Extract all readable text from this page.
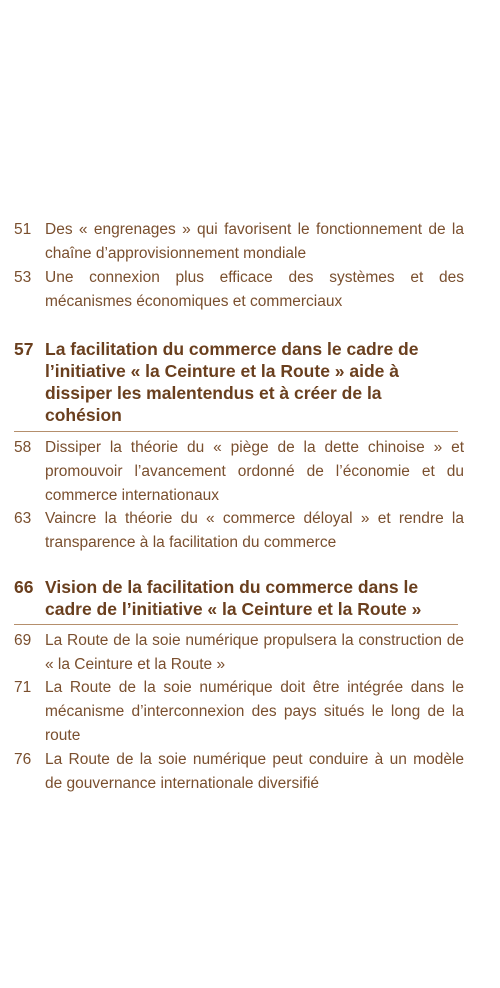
51 Des « engrenages » qui favorisent le fonctionnement de la chaîne d’approvisionnement mondiale
53 Une connexion plus efficace des systèmes et des mécanismes économiques et commerciaux
57 La facilitation du commerce dans le cadre de l’initiative « la Ceinture et la Route » aide à dissiper les malentendus et à créer de la cohésion
58 Dissiper la théorie du « piège de la dette chinoise » et promouvoir l’avancement ordonné de l’économie et du commerce internationaux
63 Vaincre la théorie du « commerce déloyal » et rendre la transparence à la facilitation du commerce
66 Vision de la facilitation du commerce dans le cadre de l’initiative « la Ceinture et la Route »
69 La Route de la soie numérique propulsera la construction de « la Ceinture et la Route »
71 La Route de la soie numérique doit être intégrée dans le mécanisme d’interconnexion des pays situés le long de la route
76 La Route de la soie numérique peut conduire à un modèle de gouvernance internationale diversifié
